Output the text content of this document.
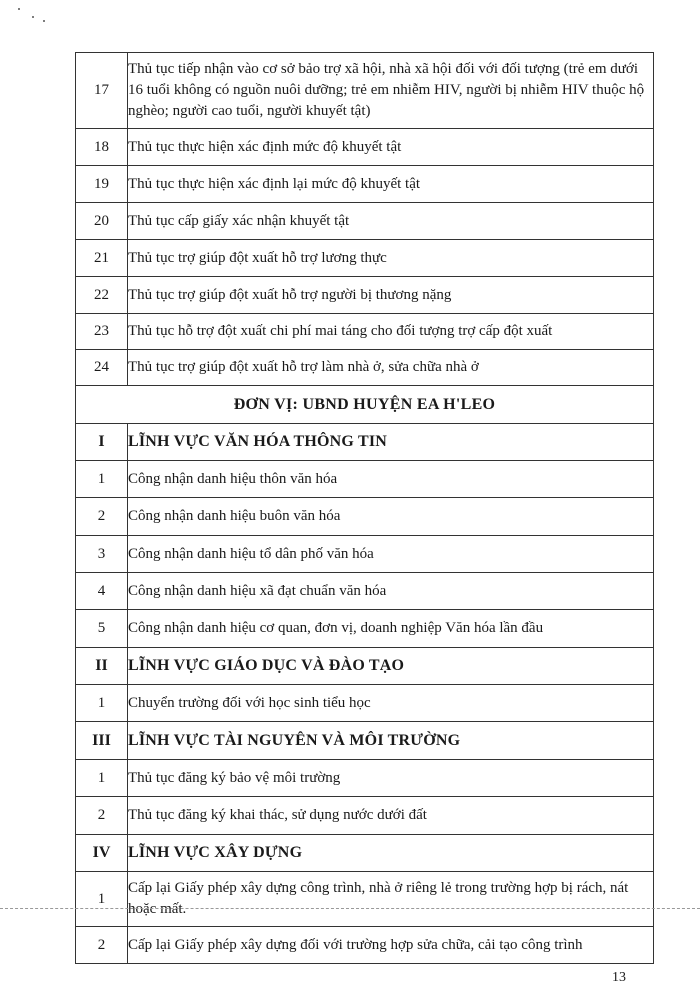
17	Thủ tục tiếp nhận vào cơ sở bảo trợ xã hội, nhà xã hội đối với đối tượng (trẻ em dưới 16 tuổi không có nguồn nuôi dưỡng; trẻ em nhiễm HIV, người bị nhiễm HIV thuộc hộ nghèo; người cao tuổi, người khuyết tật)
18	Thủ tục thực hiện xác định mức độ khuyết tật
19	Thủ tục thực hiện xác định lại mức độ khuyết tật
20	Thủ tục cấp giấy xác nhận khuyết tật
21	Thủ tục trợ giúp đột xuất hỗ trợ lương thực
22	Thủ tục trợ giúp đột xuất hỗ trợ người bị thương nặng
23	Thủ tục hỗ trợ đột xuất chi phí mai táng cho đối tượng trợ cấp đột xuất
24	Thủ tục trợ giúp đột xuất hỗ trợ làm nhà ở, sửa chữa nhà ở
ĐƠN VỊ: UBND HUYỆN EA H'LEO	
I	LĨNH VỰC VĂN HÓA THÔNG TIN
1	Công nhận danh hiệu thôn văn hóa
2	Công nhận danh hiệu buôn văn hóa
3	Công nhận danh hiệu tổ dân phố văn hóa
4	Công nhận danh hiệu xã đạt chuẩn văn hóa
5	Công nhận danh hiệu cơ quan, đơn vị, doanh nghiệp Văn hóa lần đầu
II	LĨNH VỰC GIÁO DỤC VÀ ĐÀO TẠO
1	Chuyển trường đối với học sinh tiểu học
III	LĨNH VỰC TÀI NGUYÊN VÀ MÔI TRƯỜNG
1	Thủ tục đăng ký bảo vệ môi trường
2	Thủ tục đăng ký khai thác, sử dụng nước dưới đất
IV	LĨNH VỰC XÂY DỰNG
1	Cấp lại Giấy phép xây dựng công trình, nhà ở riêng lẻ trong trường hợp bị rách, nát hoặc mất.
2	Cấp lại Giấy phép xây dựng đối với trường hợp sửa chữa, cải tạo công trình
13
